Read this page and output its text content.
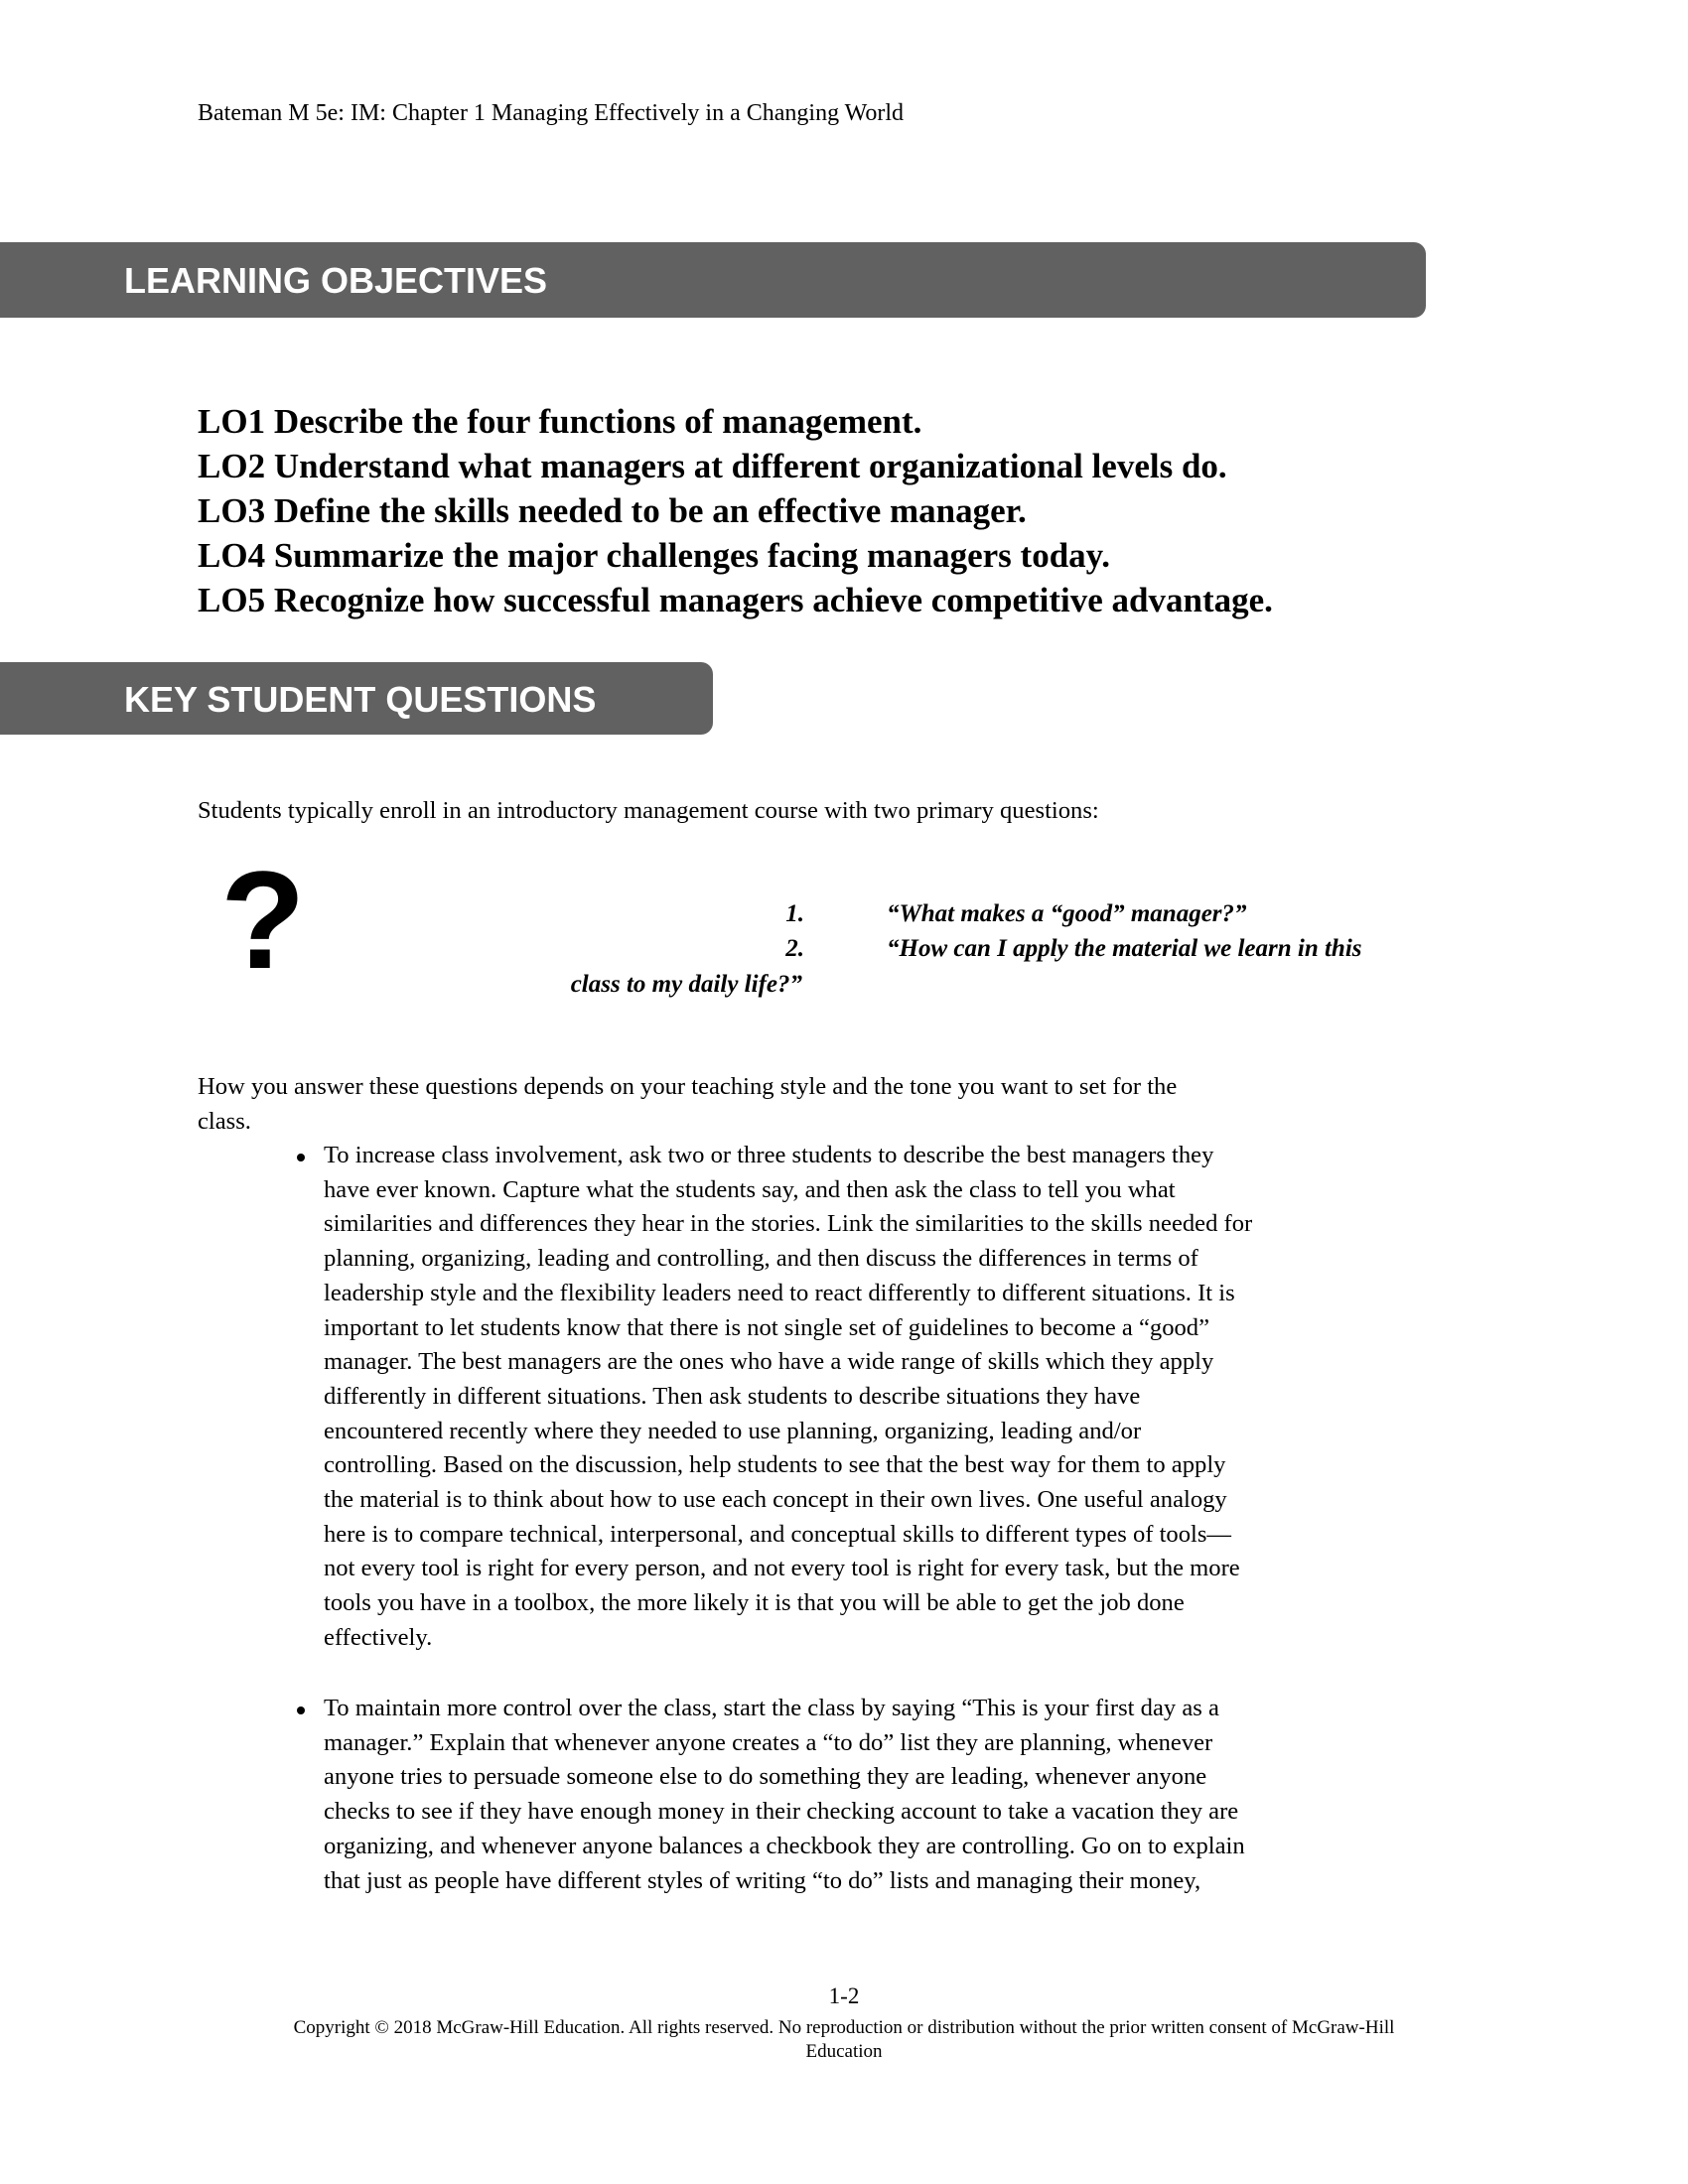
Bateman M 5e: IM: Chapter 1 Managing Effectively in a Changing World
LEARNING OBJECTIVES
LO1 Describe the four functions of management.
LO2 Understand what managers at different organizational levels do.
LO3 Define the skills needed to be an effective manager.
LO4 Summarize the major challenges facing managers today.
LO5 Recognize how successful managers achieve competitive advantage.
KEY STUDENT QUESTIONS
Students typically enroll in an introductory management course with two primary questions:
?	1.	“What makes a “good” manager?”
2.	“How can I apply the material we learn in this
class to my daily life?”
How you answer these questions depends on your teaching style and the tone you want to set for the
class.
To increase class involvement, ask two or three students to describe the best managers they
have ever known. Capture what the students say, and then ask the class to tell you what
similarities and differences they hear in the stories. Link the similarities to the skills needed for
planning, organizing, leading and controlling, and then discuss the differences in terms of
leadership style and the flexibility leaders need to react differently to different situations. It is
important to let students know that there is not single set of guidelines to become a “good”
manager. The best managers are the ones who have a wide range of skills which they apply
differently in different situations. Then ask students to describe situations they have
encountered recently where they needed to use planning, organizing, leading and/or
controlling. Based on the discussion, help students to see that the best way for them to apply
the material is to think about how to use each concept in their own lives. One useful analogy
here is to compare technical, interpersonal, and conceptual skills to different types of tools—
not every tool is right for every person, and not every tool is right for every task, but the more
tools you have in a toolbox, the more likely it is that you will be able to get the job done
effectively.
To maintain more control over the class, start the class by saying “This is your first day as a
manager.” Explain that whenever anyone creates a “to do” list they are planning, whenever
anyone tries to persuade someone else to do something they are leading, whenever anyone
checks to see if they have enough money in their checking account to take a vacation they are
organizing, and whenever anyone balances a checkbook they are controlling. Go on to explain
that just as people have different styles of writing “to do” lists and managing their money,
1-2
Copyright © 2018 McGraw-Hill Education. All rights reserved. No reproduction or distribution without the prior written consent of McGraw-Hill
Education
